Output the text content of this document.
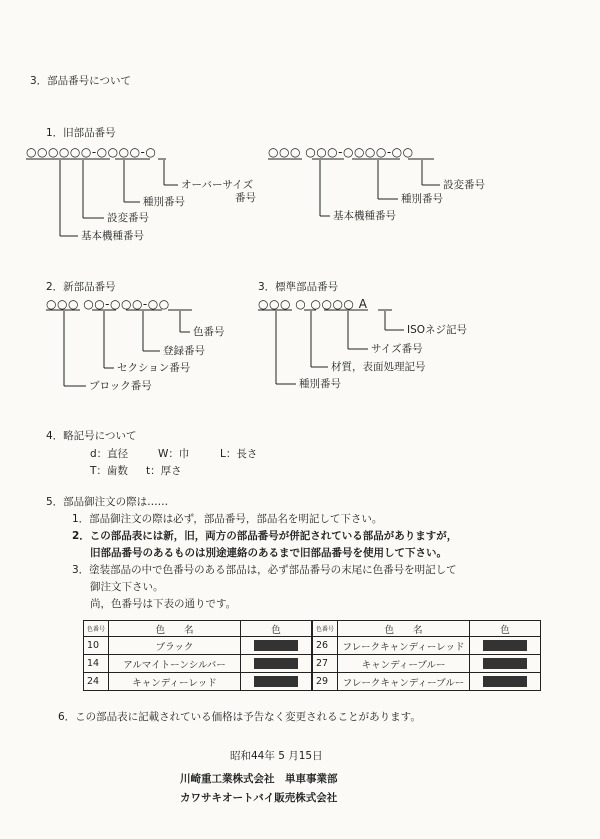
3．部品番号について
1．旧部品番号
○○○○○○-○○○○-○	○○○ ○○○-○○○○-○○
オーバーサイズ
番号
種別番号
設変番号
基本機種番号
設変番号
種別番号
基本機種番号
2．新部品番号
○○○ ○○-○○○-○○
色番号
登録番号
セクション番号
ブロック番号
3．標準部品番号
○○○ ○ ○○○○ A
ISOネジ記号
サイズ番号
材質，表面処理記号
種別番号
4．略記号について
d：直径	W：巾	L：長さ
T：歯数 t：厚さ
5．部品御注文の際は……
1．部品御注文の際は必ず，部品番号，部品名を明記して下さい。
2．この部品表には新，旧，両方の部品番号が併記されている部品がありますが，
旧部品番号のあるものは別途連絡のあるまで旧部品番号を使用して下さい。
3．塗装部品の中で色番号のある部品は，必ず部品番号の末尾に色番号を明記して
御注文下さい。
尚，色番号は下表の通りです。
色番号	色　　名	色	色番号	色　　名	色
10	ブラック		26	フレークキャンディーレッド	
14	アルマイトーンシルバー		27	キャンディーブルー	
24	キャンディーレッド		29	フレークキャンディーブルー	
6．この部品表に記載されている価格は予告なく変更されることがあります。
昭和44年 5 月15日
川崎重工業株式会社　単車事業部
カワサキオートバイ販売株式会社
